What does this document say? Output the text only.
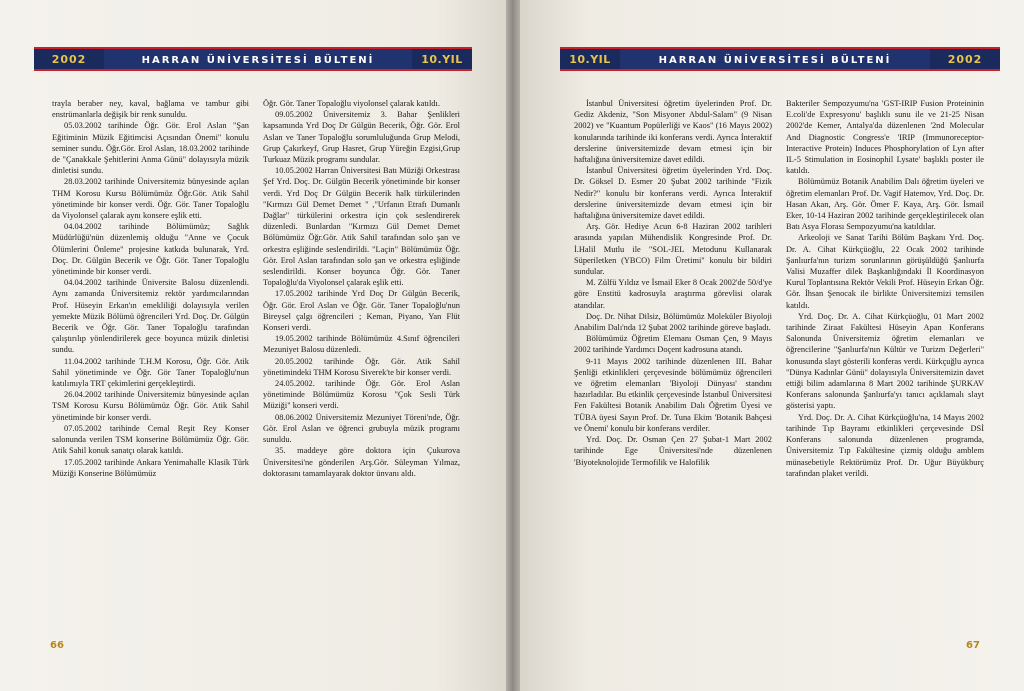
2002	HARRAN ÜNİVERSİTESİ BÜLTENİ	10.YIL

trayla beraber ney, kaval, bağlama ve tambur gibi enstrümanlarla değişik bir renk sunuldu.

05.03.2002 tarihinde Öğr. Gör. Erol Aslan "Şan Eğitiminin Müzik Eğitimcisi Açısından Önemi" konulu seminer sundu. Öğr.Gör. Erol Aslan, 18.03.2002 tarihinde de "Çanakkale Şehitlerini Anma Günü" dolayısıyla müzik dinletisi sundu.

28.03.2002 tarihinde Üniversitemiz bünyesinde açılan THM Korosu Kursu Bölümümüz Öğr.Gör. Atik Sahil yönetiminde bir konser verdi. Öğr. Gör. Taner Topaloğlu da Viyolonsel çalarak aynı konsere eşlik etti.

04.04.2002 tarihinde Bölümümüz; Sağlık Müdürlüğü'nün düzenlemiş olduğu "Anne ve Çocuk Ölümlerini Önleme" projesine katkıda bulunarak, Yrd. Doç. Dr. Gülgün Becerik ve Öğr. Gör. Taner Topaloğlu yönetiminde bir konser verdi.

04.04.2002 tarihinde Üniversite Balosu düzenlendi. Aynı zamanda Üniversitemiz rektör yardımcılarından Prof. Hüseyin Erkan'ın emekliliği dolayısıyla verilen yemekte Müzik Bölümü öğrencileri Yrd. Doç. Dr. Gülgün Becerik ve Öğr. Gör. Taner Topaloğlu tarafından çalıştırılıp yönlendirilerek gece boyunca müzik dinletisi sundu.

11.04.2002 tarihinde T.H.M Korosu, Öğr. Gör. Atik Sahil yönetiminde ve Öğr. Gör Taner Topaloğlu'nun katılımıyla TRT çekimlerini gerçekleştirdi.

26.04.2002 tarihinde Üniversitemiz bünyesinde açılan TSM Korosu Kursu Bölümümüz Öğr. Gör. Atik Sahil yönetiminde bir konser verdi.

07.05.2002 tarihinde Cemal Reşit Rey Konser salonunda verilen TSM konserine Bölümümüz Öğr. Gör. Atik Sahil konuk sanatçı olarak katıldı.

17.05.2002 tarihinde Ankara Yenimahalle Klasik Türk Müziği Konserine Bölümümüz

Öğr. Gör. Taner Topaloğlu viyolonsel çalarak katıldı.

09.05.2002 Üniversitemiz 3. Bahar Şenlikleri kapsamında Yrd Doç Dr Gülgün Becerik, Öğr. Gör. Erol Aslan ve Taner Topaloğlu sorumluluğunda Grup Melodi, Grup Çakırkeyf, Grup Hasret, Grup Yüreğin Ezgisi,Grup Turkuaz Müzik programı sundular.

10.05.2002 Harran Üniversitesi Batı Müziği Orkestrası Şef Yrd. Doç. Dr. Gülgün Becerik yönetiminde bir konser verdi. Yrd Doç Dr Gülgün Becerik halk türkülerinden "Kırmızı Gül Demet Demet " ,"Urfanın Etrafı Dumanlı Dağlar" türkülerini orkestra için çok seslendirerek düzenledi. Bunlardan "Kırmızı Gül Demet Demet Bölümümüz Öğr.Gör. Atik Sahil tarafından solo şan ve orkestra eşliğinde seslendirildi. "Laçin" Bölümümüz Öğr. Gör. Erol Aslan tarafından solo şan ve orkestra eşliğinde seslendirildi. Konser boyunca Öğr. Gör. Taner Topaloğlu'da Viyolonsel çalarak eşlik etti.

17.05.2002 tarihinde Yrd Doç Dr Gülgün Becerik, Öğr. Gör. Erol Aslan ve Öğr. Gör. Taner Topaloğlu'nun Bireysel çalgı öğrencileri ; Keman, Piyano, Yan Flüt Konseri verdi.

19.05.2002 tarihinde Bölümümüz 4.Sınıf öğrencileri Mezuniyet Balosu düzenledi.

20.05.2002 tarihinde Öğr. Gör. Atik Sahil yönetimindeki THM Korosu Siverek'te bir konser verdi.

24.05.2002. tarihinde Öğr. Gör. Erol Aslan yönetiminde Bölümümüz Korosu "Çok Sesli Türk Müziği" konseri verdi.

08.06.2002 Üniversitemiz Mezuniyet Töreni'nde, Öğr. Gör. Erol Aslan ve öğrenci grubuyla müzik programı sunuldu.

35. maddeye göre doktora için Çukurova Üniversitesi'ne gönderilen Arş.Gör. Süleyman Yılmaz, doktorasını tamamlayarak doktor ünvanı aldı.

66
10.YIL	HARRAN ÜNİVERSİTESİ BÜLTENİ	2002

İstanbul Üniversitesi öğretim üyelerinden Prof. Dr. Gediz Akdeniz, "Son Misyoner Abdul-Salam" (9 Nisan 2002) ve "Kuantum Popülerliği ve Kaos" (16 Mayıs 2002) konularında tarihinde iki konferans verdi. Ayrıca İnteraktif derslerine üniversitemizde devam etmesi için bir haftalığına üniversitemize davet edildi.

İstanbul Üniversitesi öğretim üyelerinden Yrd. Doç. Dr. Göksel D. Esmer 20 Şubat 2002 tarihinde "Fizik Nedir?" konulu bir konferans verdi. Ayrıca İnteraktif derslerine üniversitemizde devam etmesi için bir haftalığına üniversitemize davet edildi.

Arş. Gör. Hediye Acun 6-8 Haziran 2002 tarihleri arasında yapılan Mühendislik Kongresinde Prof. Dr. İ.Halil Mutlu ile "SOL-JEL Metodunu Kullanarak Süperiletken (YBCO) Film Üretimi" konulu bir bildiri sundular.

M. Zülfü Yıldız ve İsmail Eker 8 Ocak 2002'de 50/d'ye göre Enstitü kadrosuyla araştırma görevlisi olarak atandılar.

Doç. Dr. Nihat Dilsiz, Bölümümüz Moleküler Biyoloji Anabilim Dalı'nda 12 Şubat 2002 tarihinde göreve başladı.

Bölümümüz Öğretim Elemanı Osman Çen, 9 Mayıs 2002 tarihinde Yardımcı Doçent kadrosuna atandı.

9-11 Mayıs 2002 tarihinde düzenlenen III. Bahar Şenliği etkinlikleri çerçevesinde bölümümüz öğrencileri ve öğretim elemanları 'Biyoloji Dünyası' standını hazırladılar. Bu etkinlik çerçevesinde İstanbul Üniversitesi Fen Fakültesi Botanik Anabilim Dalı Öğretim Üyesi ve TÜBA üyesi Sayın Prof. Dr. Tuna Ekim 'Botanik Bahçesi ve Önemi' konulu bir konferans verdiler.

Yrd. Doç. Dr. Osman Çen 27 Şubat-1 Mart 2002 tarihinde Ege Üniversitesi'nde düzenlenen 'Biyoteknolojide Termofilik ve Halofilik

Bakteriler Sempozyumu'na 'GST-IRIP Fusion Proteininin E.coli'de Expresyonu' başlıklı sunu ile ve 21-25 Nisan 2002'de Kemer, Antalya'da düzenlenen '2nd Molecular And Diagnostic Congress'e 'IRIP (Immunoreceptor-Interactive Protein) Induces Phosphorylation of Lyn after IL-5 Stimulation in Eosinophil Lysate' başlıklı poster ile katıldı.

Bölümümüz Botanik Anabilim Dalı öğretim üyeleri ve öğretim elemanları Prof. Dr. Vagif Hatemov, Yrd. Doç. Dr. Hasan Akan, Arş. Gör. Ömer F. Kaya, Arş. Gör. İsmail Eker, 10-14 Haziran 2002 tarihinde gerçekleştirilecek olan Batı Asya Florası Sempozyumu'na katıldılar.

Arkeoloji ve Sanat Tarihi Bölüm Başkanı Yrd. Doç. Dr. A. Cihat Kürkçüoğlu, 22 Ocak 2002 tarihinde Şanlıurfa'nın turizm sorunlarının görüşüldüğü Şanlıurfa Valisi Muzaffer dilek Başkanlığındaki İl Koordinasyon Kurul Toplantısına Rektör Vekili Prof. Hüseyin Erkan Öğr. Gör. İhsan Şenocak ile birlikte Üniversitemizi temsilen katıldı.

Yrd. Doç. Dr. A. Cihat Kürkçüoğlu, 01 Mart 2002 tarihinde Ziraat Fakültesi Hüseyin Apan Konferans Salonunda Üniversitemiz öğretim elemanları ve öğrencilerine "Şanlıurfa'nın Kültür ve Turizm Değerleri" konusunda slayt gösterili konferas verdi. Kürkçuğlu ayrıca "Dünya Kadınlar Günü" dolayısıyla Üniversitemizin davet ettiği bilim adamlarına 8 Mart 2002 tarihinde ŞURKAV Konferans salonunda Şanlıurfa'yı tanıcı açıklamalı slayt gösterisi yaptı.

Yrd. Doç. Dr. A. Cihat Kürkçüoğlu'na, 14 Mayıs 2002 tarihinde Tıp Bayramı etkinlikleri çerçevesinde DSİ Konferans salonunda düzenlenen programda, Üniversitemiz Tıp Fakültesine çizmiş olduğu amblem münasebetiyle Rektörümüz Prof. Dr. Uğur Büyükburç tarafından plaket verildi.

67
